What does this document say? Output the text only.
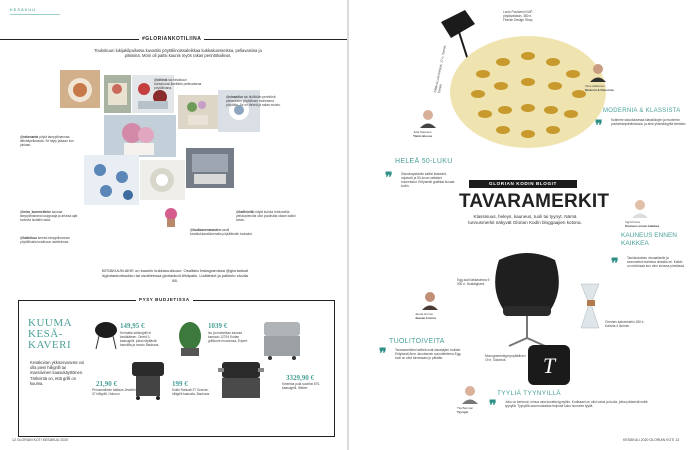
KESÄKUU
#GLORIANKOTILIINA
Toukokuun lukijakilpailussa kuvattiin pöytäliinoissaleikkaa kukkakuosseissa, pellavaisina ja pitsisinä. Moni oli paitsi kaunis myös rakas perintökalleus.
@idhinik sai kesäkuun kukkakuosi-itseltään pellavaisena pöytäliinana.
@rakenanta pöytä tamppilinannaa äitinsäpellavasta. Se täyty jalkaan kun juhlaan.
@sinachko sai äidiltiään perintönä pellavaisen pöytäliinan muhkeana pöydälle. Se on tärkeä ja rakas muisto.
@mira_kummeliinke kaunaa tamppilinanana kauppaaja ja arkeaa ajat tuolevia isoäidin lasia.
@kalliviniiki näytä kuinka retolostella peikkopieruilla ollut puulinalla ollaan kaikki toista.
@laukkanenanasten naulti kesäkukkavalikoimalla pöytäliinalle tuukaksi.
@kaiinikuu kerrasi tamppilinannan pöytäliinalla kesäkuun asettelussa.
KESÄKUUN AIHE on kauniin kukkaruukkuun. Osallistu Instagramissa @gloriankoti #gloriankotiruukku tai osoitteessa gloriankoti.fi/kilpailu. Lisätiedot ja palkinto sivulla 88.
PYSY BUDJETISSA
KUUMA KESÄ-KAVERI
Kesäkoiran ykköosvaruste voi olla pieni hiiligrilli tai massiivinen kaasukäyttöinen. Tärkeintä on, että grilli on kuuma.	21,90 €
Perusmallinen kattava Jewellin 37 hiiligrilli, Hoboon.
149,95 €
Kermalla sähkögrilli ei kesäkäteen. Onerit 3-kaasugrilli, jotka näyttävät kauniilta ja muoto Bauhaus.
199 €
Kokki Rahuati 37 Grande-hiiligrilli kaasulla, Bauhaus.
1039 €
Iso ja maineikas sauvaa kamado 12794 Kodan grillikone muodossa, Expert.
3329,90 €
Kinemas pola suuriksi 670-kaasugrilli, Weber.
12 GLORIAN KOTI KESÄKUU 2020
Louis Poulsenin NJP-pöytävalaisin, 380 e, Finnish Design Shop.
Kiiltävä Lola-kangas, 17 e, Tammi-Tammi	Irina Heikkinen
Moderni & Klassista
Julia Salenius
Tämä talossa
MODERNIA & KLASSISTA
❞	Kotimme sisustuksessa klassikkojen ja modernin puutarhanpiirtämäosia, ja aina yhtenäisyyttä kiertäen.
HELEÄ 50-LUKU
❞	Sisustusystävän kaikki klassikot, nojatuoli ja 50-luvun sellaiset huonekalut. Erityisesti grafiikat kuvaat kodin.	GLORIAN KODIN BLOGIT
TAVARAMERKIT
Klassisuus, heleys, kauneus, tuoli tai tyynyt. Nämä tunnusmerkit näkyvät Glorian Kodin bloggaajien kotona.	Ingrid Cora
Kauneus ennen kaikkea
KAUNEUS ENNEN KAIKKEA
❞	Taulukokoisen visuaaliselle ja tunnustetut mahtava oikealla eri. Kaikki on mieluisaa kun olen sivussa pimeässä.
Egg-tuoli tahkasimna 9 000 e, Nostalgiseni.
Chemex-kahvinkeitin 180 e, Kahvila 4 Ikuinen.
Jaana Hurme
Jaanan kotona
TUOLITOIVEITA
❞	Tavaramerkkini selkeä ovat sisustajien tuoliset. Erityisesti Arne Jacobsenin suunnittelema Egg-tuoli on ollut toiveissani jo pitkään.	T
Monogrammityynynpäällinen 19 e, Salonkot.
Tiia Barman
Tyynyjä
TYYLIÄ TYYNYILLÄ
❞	Joku on kertonut, minua osia kuvalta tyynyihin. Kodissani on ollut valoa ja tuulia, jotka pääsevät esille tyynyllä. Tyynyillä saa muokattua helposti koko huoneen tyyliä.
KESÄKUU 2020 GLORIAN KOTI 13
